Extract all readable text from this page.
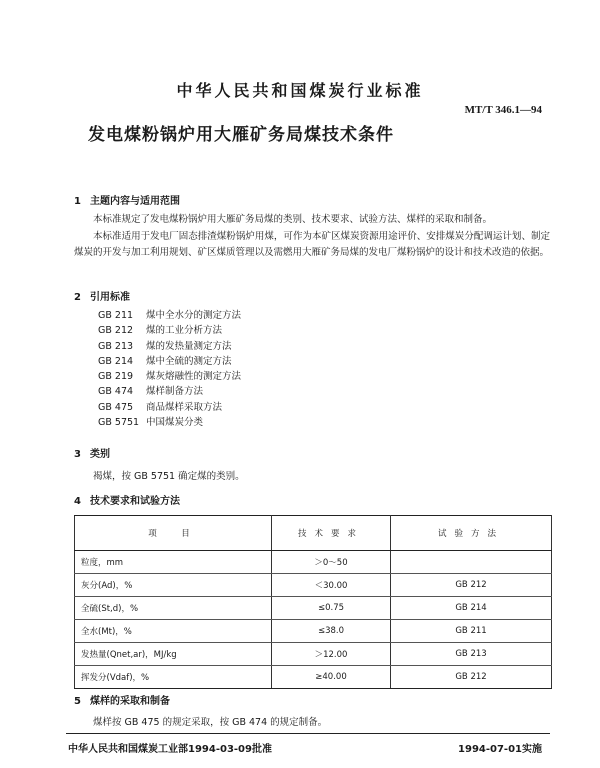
中华人民共和国煤炭行业标准
MT/T 346.1—94
发电煤粉锅炉用大雁矿务局煤技术条件
1 主题内容与适用范围
本标准规定了发电煤粉锅炉用大雁矿务局煤的类别、技术要求、试验方法、煤样的采取和制备。
本标准适用于发电厂固态排渣煤粉锅炉用煤，可作为本矿区煤炭资源用途评价、安排煤炭分配调运计划、制定煤炭的开发与加工利用规划、矿区煤质管理以及需燃用大雁矿务局煤的发电厂煤粉锅炉的设计和技术改造的依据。
2 引用标准
GB 211 煤中全水分的测定方法
GB 212 煤的工业分析方法
GB 213 煤的发热量测定方法
GB 214 煤中全硫的测定方法
GB 219 煤灰熔融性的测定方法
GB 474 煤样制备方法
GB 475 商品煤样采取方法
GB 5751 中国煤炭分类
3 类别
褐煤，按 GB 5751 确定煤的类别。
4 技术要求和试验方法
项　目	技术要求	试验方法
粒度，mm	＞0～50	
灰分(Ad)，%	＜30.00	GB 212
全硫(St,d)，%	≤0.75	GB 214
全水(Mt)，%	≤38.0	GB 211
发热量(Qnet,ar)，MJ/kg	＞12.00	GB 213
挥发分(Vdaf)，%	≥40.00	GB 212
5 煤样的采取和制备
煤样按 GB 475 的规定采取，按 GB 474 的规定制备。
中华人民共和国煤炭工业部1994-03-09批准	1994-07-01实施
